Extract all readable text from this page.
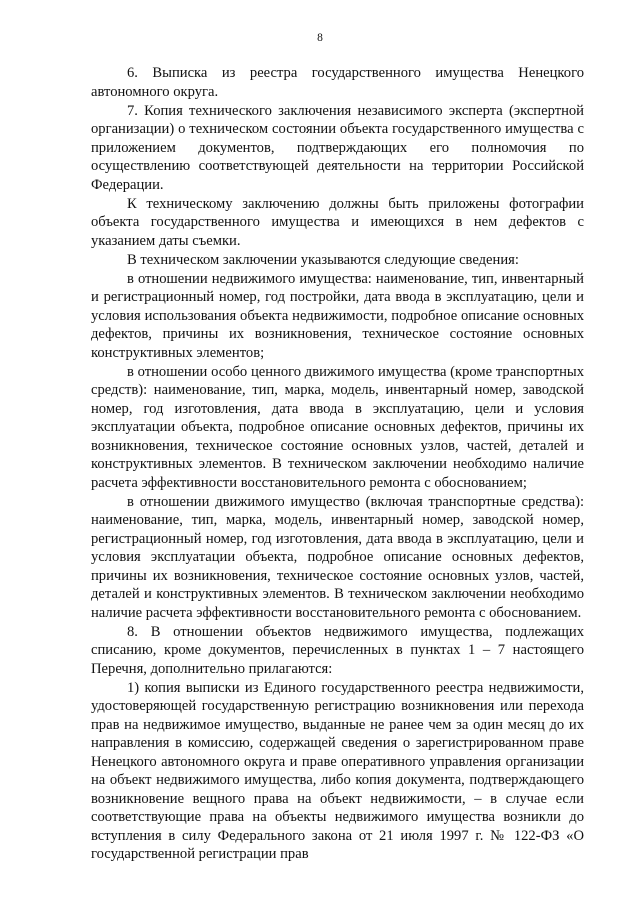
8

6. Выписка из реестра государственного имущества Ненецкого автономного округа.

7. Копия технического заключения независимого эксперта (экспертной организации) о техническом состоянии объекта государственного имущества с приложением документов, подтверждающих его полномочия по осуществлению соответствующей деятельности на территории Российской Федерации.

К техническому заключению должны быть приложены фотографии объекта государственного имущества и имеющихся в нем дефектов с указанием даты съемки.

В техническом заключении указываются следующие сведения:

в отношении недвижимого имущества: наименование, тип, инвентарный и регистрационный номер, год постройки, дата ввода в эксплуатацию, цели и условия использования объекта недвижимости, подробное описание основных дефектов, причины их возникновения, техническое состояние основных конструктивных элементов;

в отношении особо ценного движимого имущества (кроме транспортных средств): наименование, тип, марка, модель, инвентарный номер, заводской номер, год изготовления, дата ввода в эксплуатацию, цели и условия эксплуатации объекта, подробное описание основных дефектов, причины их возникновения, техническое состояние основных узлов, частей, деталей и конструктивных элементов. В техническом заключении необходимо наличие расчета эффективности восстановительного ремонта с обоснованием;

в отношении движимого имущество (включая транспортные средства): наименование, тип, марка, модель, инвентарный номер, заводской номер, регистрационный номер, год изготовления, дата ввода в эксплуатацию, цели и условия эксплуатации объекта, подробное описание основных дефектов, причины их возникновения, техническое состояние основных узлов, частей, деталей и конструктивных элементов. В техническом заключении необходимо наличие расчета эффективности восстановительного ремонта с обоснованием.

8. В отношении объектов недвижимого имущества, подлежащих списанию, кроме документов, перечисленных в пунктах 1 – 7 настоящего Перечня, дополнительно прилагаются:

1) копия выписки из Единого государственного реестра недвижимости, удостоверяющей государственную регистрацию возникновения или перехода прав на недвижимое имущество, выданные не ранее чем за один месяц до их направления в комиссию, содержащей сведения о зарегистрированном праве Ненецкого автономного округа и праве оперативного управления организации на объект недвижимого имущества, либо копия документа, подтверждающего возникновение вещного права на объект недвижимости, – в случае если соответствующие права на объекты недвижимого имущества возникли до вступления в силу Федерального закона от 21 июля 1997 г. № 122-ФЗ «О государственной регистрации прав
